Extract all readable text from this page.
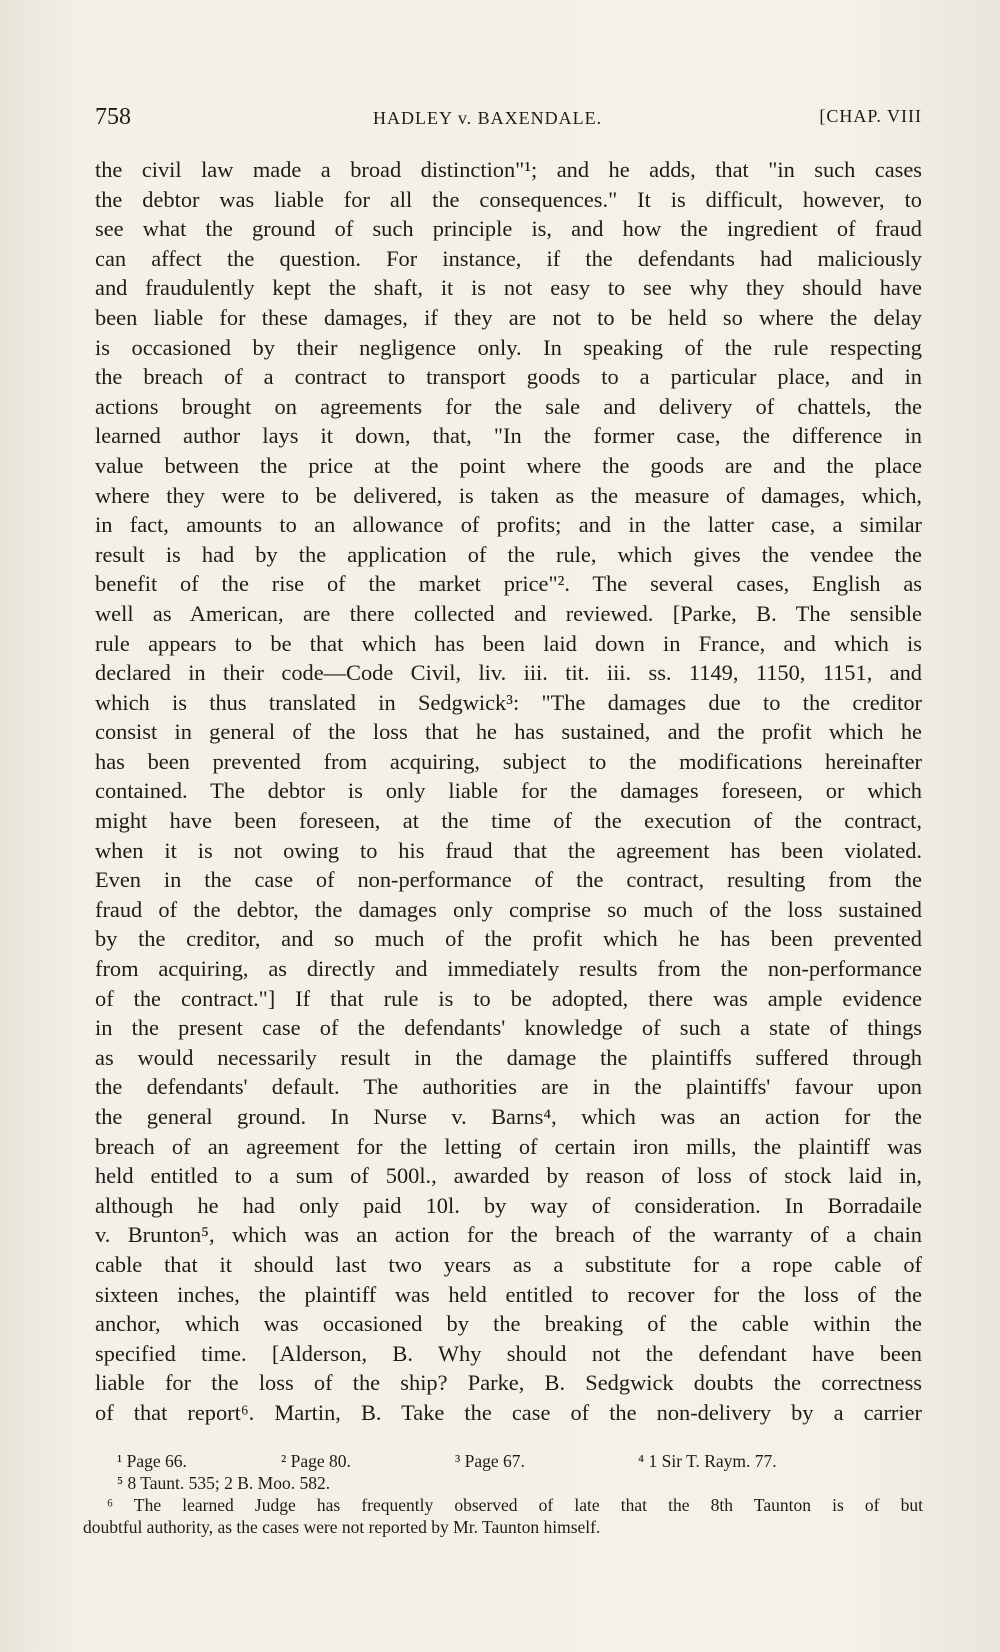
758	HADLEY v. BAXENDALE.	[CHAP. VIII
the civil law made a broad distinction"¹; and he adds, that "in such cases
the debtor was liable for all the consequences." It is difficult, however, to
see what the ground of such principle is, and how the ingredient of fraud
can affect the question. For instance, if the defendants had maliciously
and fraudulently kept the shaft, it is not easy to see why they should have
been liable for these damages, if they are not to be held so where the delay
is occasioned by their negligence only. In speaking of the rule respecting
the breach of a contract to transport goods to a particular place, and in
actions brought on agreements for the sale and delivery of chattels, the
learned author lays it down, that, "In the former case, the difference in
value between the price at the point where the goods are and the place
where they were to be delivered, is taken as the measure of damages, which,
in fact, amounts to an allowance of profits; and in the latter case, a similar
result is had by the application of the rule, which gives the vendee the
benefit of the rise of the market price"². The several cases, English as
well as American, are there collected and reviewed. [Parke, B. The sensible
rule appears to be that which has been laid down in France, and which is
declared in their code—Code Civil, liv. iii. tit. iii. ss. 1149, 1150, 1151, and
which is thus translated in Sedgwick³: "The damages due to the creditor
consist in general of the loss that he has sustained, and the profit which he
has been prevented from acquiring, subject to the modifications hereinafter
contained. The debtor is only liable for the damages foreseen, or which
might have been foreseen, at the time of the execution of the contract,
when it is not owing to his fraud that the agreement has been violated.
Even in the case of non-performance of the contract, resulting from the
fraud of the debtor, the damages only comprise so much of the loss sustained
by the creditor, and so much of the profit which he has been prevented
from acquiring, as directly and immediately results from the non-performance
of the contract."] If that rule is to be adopted, there was ample evidence
in the present case of the defendants' knowledge of such a state of things
as would necessarily result in the damage the plaintiffs suffered through
the defendants' default. The authorities are in the plaintiffs' favour upon
the general ground. In Nurse v. Barns⁴, which was an action for the
breach of an agreement for the letting of certain iron mills, the plaintiff was
held entitled to a sum of 500l., awarded by reason of loss of stock laid in,
although he had only paid 10l. by way of consideration. In Borradaile
v. Brunton⁵, which was an action for the breach of the warranty of a chain
cable that it should last two years as a substitute for a rope cable of
sixteen inches, the plaintiff was held entitled to recover for the loss of the
anchor, which was occasioned by the breaking of the cable within the
specified time. [Alderson, B. Why should not the defendant have been
liable for the loss of the ship? Parke, B. Sedgwick doubts the correctness
of that report⁶. Martin, B. Take the case of the non-delivery by a carrier
¹ Page 66.	² Page 80.	³ Page 67.	⁴ 1 Sir T. Raym. 77.
⁵ 8 Taunt. 535; 2 B. Moo. 582.
⁶ The learned Judge has frequently observed of late that the 8th Taunton is of but
doubtful authority, as the cases were not reported by Mr. Taunton himself.
